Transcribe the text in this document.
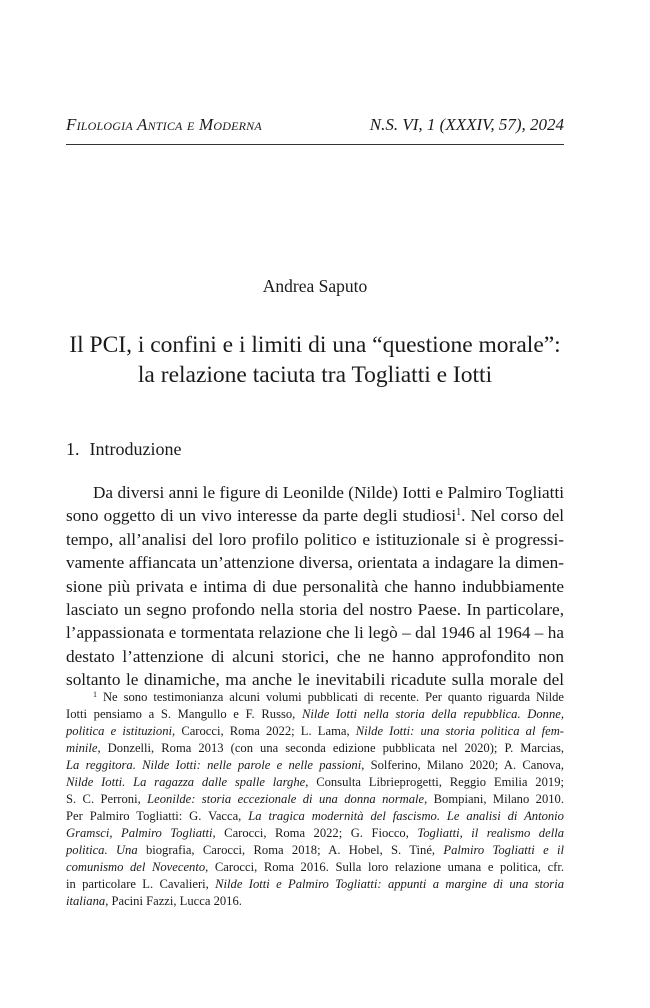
Filologia Antica e Moderna	N.S. VI, 1 (XXXIV, 57), 2024
Andrea Saputo
Il PCI, i confini e i limiti di una “questione morale”:
la relazione taciuta tra Togliatti e Iotti
1. Introduzione
Da diversi anni le figure di Leonilde (Nilde) Iotti e Palmiro Togliatti
sono oggetto di un vivo interesse da parte degli studiosi$^1$. Nel corso del
tempo, all’analisi del loro profilo politico e istituzionale si è progressi-
vamente affiancata un’attenzione diversa, orientata a indagare la dimen-
sione più privata e intima di due personalità che hanno indubbiamente
lasciato un segno profondo nella storia del nostro Paese. In particolare,
l’appassionata e tormentata relazione che li legò – dal 1946 al 1964 – ha
destato l’attenzione di alcuni storici, che ne hanno approfondito non
soltanto le dinamiche, ma anche le inevitabili ricadute sulla morale del
$^1$ Ne sono testimonianza alcuni volumi pubblicati di recente. Per quanto riguarda Nilde
Iotti pensiamo a S. Mangullo e F. Russo, Nilde Iotti nella storia della repubblica. Donne,
politica e istituzioni, Carocci, Roma 2022; L. Lama, Nilde Iotti: una storia politica al fem-
minile, Donzelli, Roma 2013 (con una seconda edizione pubblicata nel 2020); P. Marcias,
La reggitora. Nilde Iotti: nelle parole e nelle passioni, Solferino, Milano 2020; A. Canova,
Nilde Iotti. La ragazza dalle spalle larghe, Consulta Librieprogetti, Reggio Emilia 2019;
S. C. Perroni, Leonilde: storia eccezionale di una donna normale, Bompiani, Milano 2010.
Per Palmiro Togliatti: G. Vacca, La tragica modernità del fascismo. Le analisi di Antonio
Gramsci, Palmiro Togliatti, Carocci, Roma 2022; G. Fiocco, Togliatti, il realismo della
politica. Una biografia, Carocci, Roma 2018; A. Hobel, S. Tiné, Palmiro Togliatti e il
comunismo del Novecento, Carocci, Roma 2016. Sulla loro relazione umana e politica, cfr.
in particolare L. Cavalieri, Nilde Iotti e Palmiro Togliatti: appunti a margine di una storia
italiana, Pacini Fazzi, Lucca 2016.
